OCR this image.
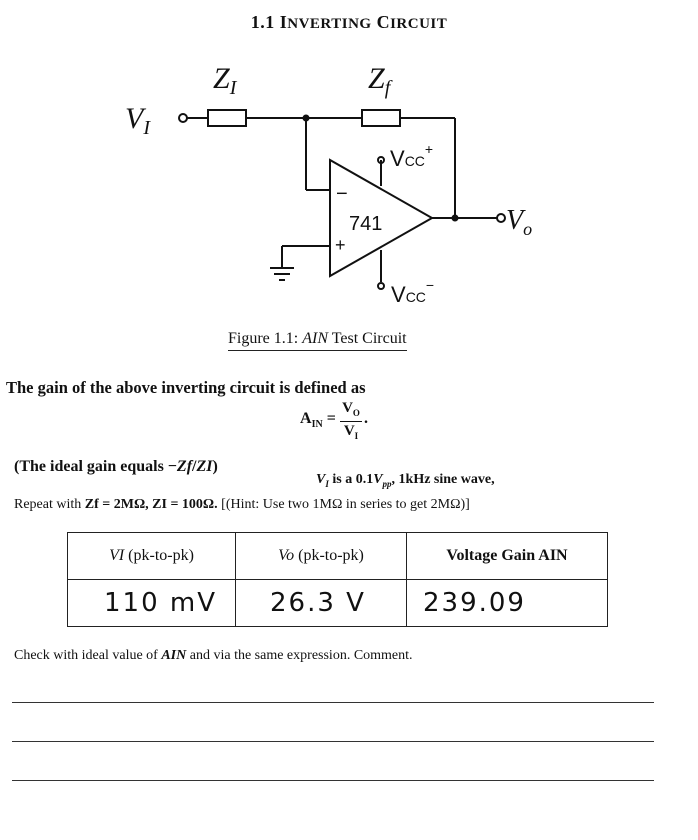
1.1 INVERTING CIRCUIT
$V_I$
$Z_I$	$Z_f$
$V_o$
VCC+
VCC−
741
−
+
Figure 1.1: AIN Test Circuit
The gain of the above inverting circuit is defined as
$A_{IN}$ =
$V_O$
$V_I$
.
(The ideal gain equals −Zf/ZI)
$V_I$ is a $0.1V_{pp}$, 1kHz sine wave,
Repeat with Zf = 2MΩ, ZI = 100Ω. [(Hint: Use two 1MΩ in series to get 2MΩ)]
VI (pk-to-pk)	Vo (pk-to-pk)	Voltage Gain AIN
110 mV	26.3 V	239.09
Check with ideal value of AIN and via the same expression. Comment.
